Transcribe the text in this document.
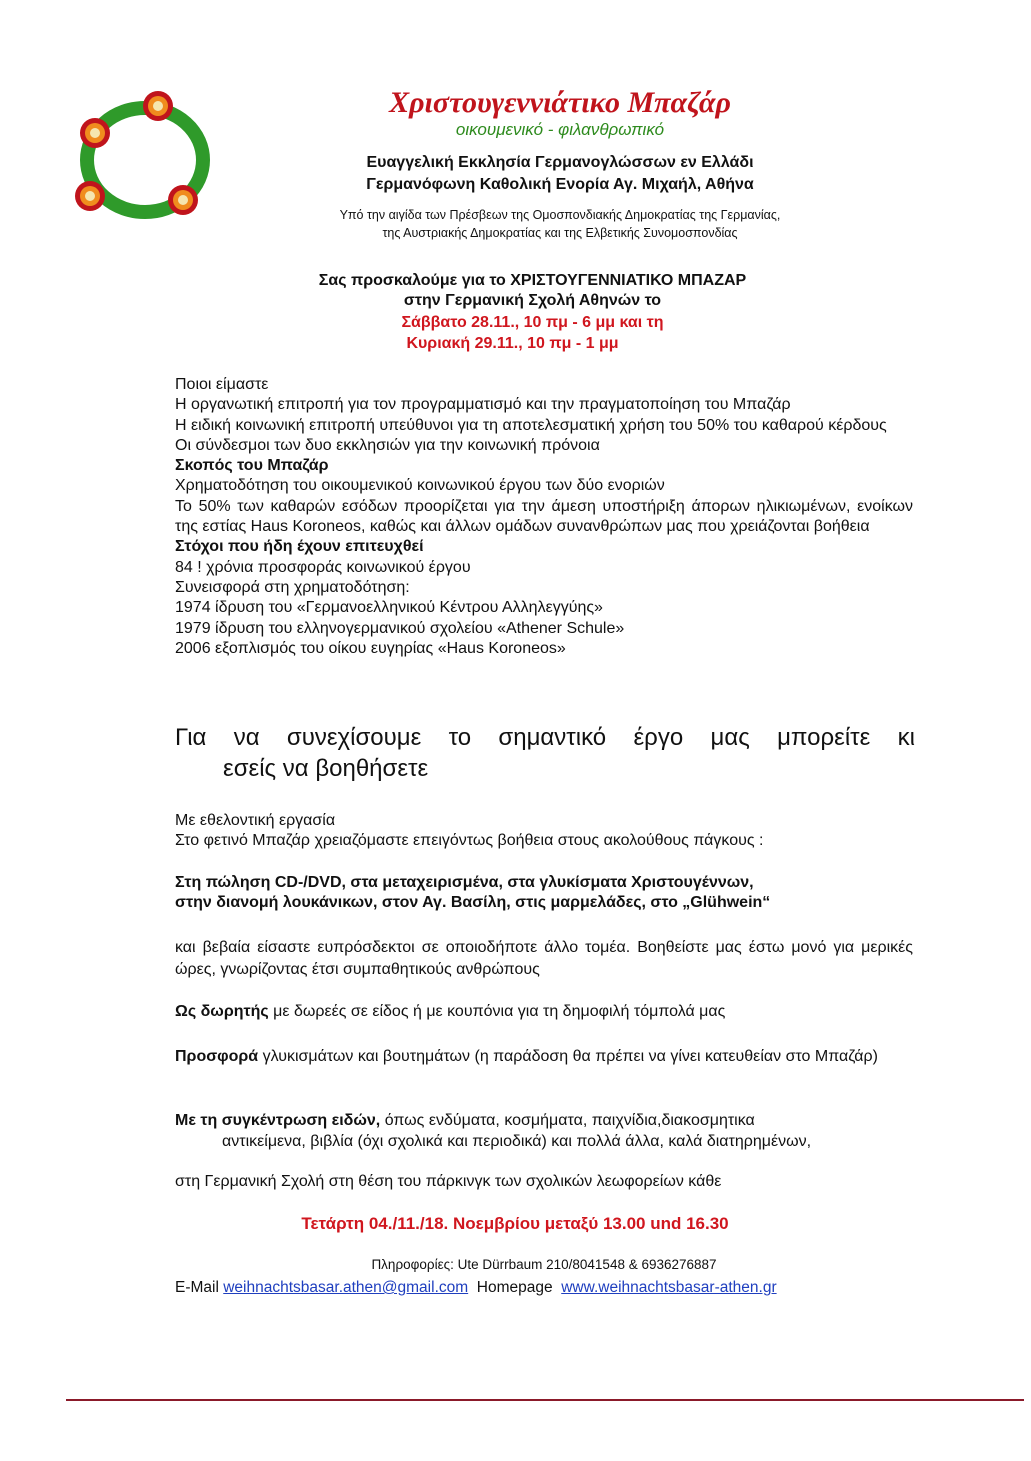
Χριστουγεννιάτικο Μπαζάρ
οικουμενικό - φιλανθρωπικό
Ευαγγελική Εκκλησία Γερμανογλώσσων εν Ελλάδι
Γερμανόφωνη Καθολική Ενορία Αγ. Μιχαήλ, Αθήνα
Υπό την αιγίδα των Πρέσβεων της Ομοσπονδιακής Δημοκρατίας της Γερμανίας,
της Αυστριακής Δημοκρατίας και της Ελβετικής Συνομοσπονδίας
Σας προσκαλούμε για το ΧΡΙΣΤΟΥΓΕΝΝΙΑΤΙΚΟ ΜΠΑΖΑΡ
στην Γερμανική Σχολή Αθηνών το
Σάββατο 28.11., 10 πμ - 6 μμ και τη
Κυριακή 29.11., 10 πμ - 1 μμ
Ποιοι είμαστε
Η οργανωτική επιτροπή για τον προγραμματισμό και την πραγματοποίηση του Μπαζάρ
Η ειδική κοινωνική επιτροπή υπεύθυνοι για τη αποτελεσματική χρήση του 50% του καθαρού κέρδους
Οι σύνδεσμοι των δυο εκκλησιών για την κοινωνική πρόνοια
Σκοπός του Μπαζάρ
Χρηματοδότηση του οικουμενικού κοινωνικού έργου των δύο ενοριών
Το 50% των καθαρών εσόδων προορίζεται για την άμεση υποστήριξη άπορων ηλικιωμένων, ενοίκων της εστίας Haus Koroneos, καθώς και άλλων ομάδων συνανθρώπων μας που χρειάζονται βοήθεια
Στόχοι που ήδη έχουν επιτευχθεί
84 ! χρόνια προσφοράς κοινωνικού έργου
Συνεισφορά στη χρηματοδότηση:
1974 ίδρυση του «Γερμανοελληνικού Κέντρου Αλληλεγγύης»
1979 ίδρυση του ελληνογερμανικού σχολείου «Athener Schule»
2006 εξοπλισμός του οίκου ευγηρίας «Haus Koroneos»
Για να συνεχίσουμε το σημαντικό έργο μας μπορείτε κι
εσείς να βοηθήσετε
Με εθελοντική εργασία
Στο φετινό Μπαζάρ χρειαζόμαστε επειγόντως βοήθεια στους ακολούθους πάγκους :
Στη πώληση CD-/DVD, στα μεταχειρισμένα, στα γλυκίσματα Χριστουγέννων,
στην διανομή λουκάνικων, στον Αγ. Βασίλη, στις μαρμελάδες, στο „Glühwein“
και βεβαία είσαστε ευπρόσδεκτοι σε οποιοδήποτε άλλο τομέα. Βοηθείστε μας έστω μονό για μερικές ώρες, γνωρίζοντας έτσι συμπαθητικούς ανθρώπους
Ως δωρητής με δωρεές σε είδος ή με κουπόνια για τη δημοφιλή τόμπολά μας
Προσφορά γλυκισμάτων και βουτημάτων (η παράδοση θα πρέπει να γίνει κατευθείαν στο Μπαζάρ)
Με τη συγκέντρωση ειδών, όπως ενδύματα, κοσμήματα, παιχνίδια,διακοσμητικα
αντικείμενα, βιβλία (όχι σχολικά και περιοδικά) και πολλά άλλα, καλά διατηρημένων,
στη Γερμανική Σχολή στη θέση του πάρκινγκ των σχολικών λεωφορείων κάθε
Τετάρτη 04./11./18. Νοεμβρίου μεταξύ 13.00 und 16.30
Πληροφορίες: Ute Dürrbaum 210/8041548 & 6936276887
E-Mail weihnachtsbasar.athen@gmail.com  Homepage  www.weihnachtsbasar-athen.gr
